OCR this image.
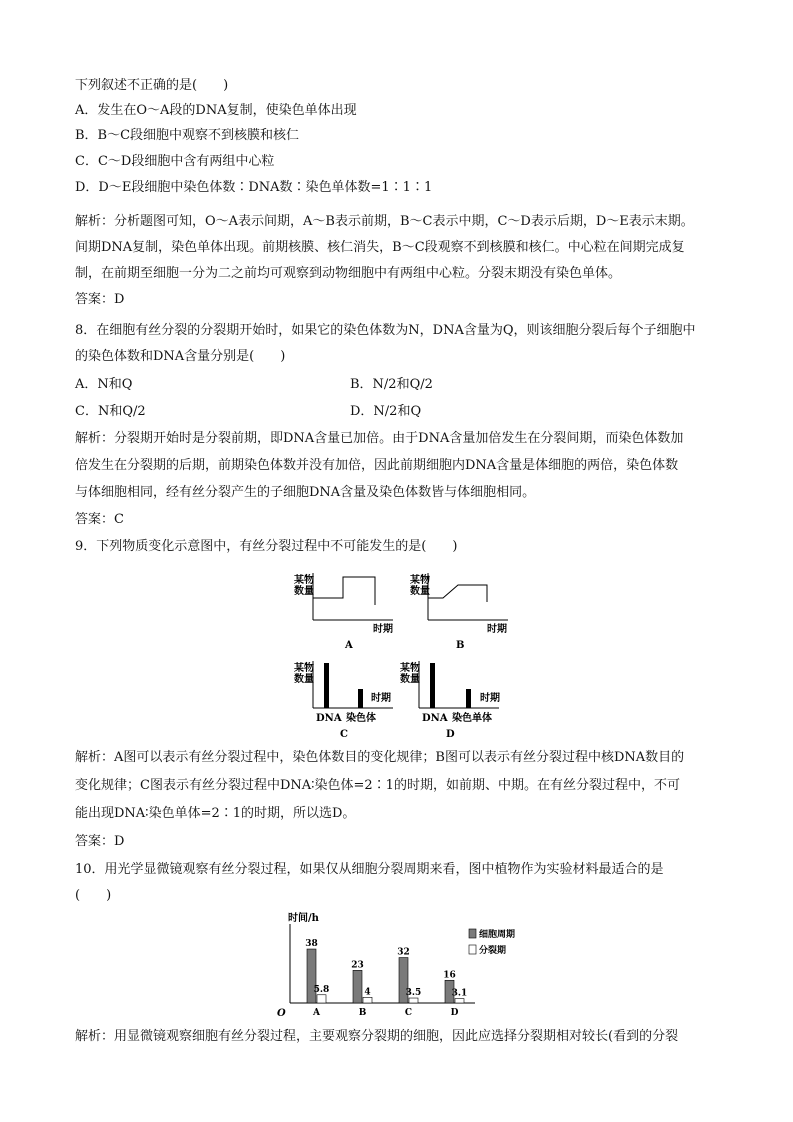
下列叙述不正确的是(　　)
A．发生在O～A段的DNA复制，使染色单体出现
B．B～C段细胞中观察不到核膜和核仁
C．C～D段细胞中含有两组中心粒
D．D～E段细胞中染色体数∶DNA数∶染色单体数=1∶1∶1
解析：分析题图可知，O～A表示间期，A～B表示前期，B～C表示中期，C～D表示后期，D～E表示末期。
间期DNA复制，染色单体出现。前期核膜、核仁消失，B～C段观察不到核膜和核仁。中心粒在间期完成复
制，在前期至细胞一分为二之前均可观察到动物细胞中有两组中心粒。分裂末期没有染色单体。
答案：D
8．在细胞有丝分裂的分裂期开始时，如果它的染色体数为N，DNA含量为Q，则该细胞分裂后每个子细胞中
的染色体数和DNA含量分别是(　　)
A．N和Q	B．N/2和Q/2
C．N和Q/2	D．N/2和Q
解析：分裂期开始时是分裂前期，即DNA含量已加倍。由于DNA含量加倍发生在分裂间期，而染色体数加
倍发生在分裂期的后期，前期染色体数并没有加倍，因此前期细胞内DNA含量是体细胞的两倍，染色体数
与体细胞相同，经有丝分裂产生的子细胞DNA含量及染色体数皆与体细胞相同。
答案：C
9．下列物质变化示意图中，有丝分裂过程中不可能发生的是(　　)
某物数量
时期
A
某物数量
时期
B
某物数量
时期
DNA 染色体
C
某物数量
时期
DNA 染色单体
D
解析：A图可以表示有丝分裂过程中，染色体数目的变化规律；B图可以表示有丝分裂过程中核DNA数目的
变化规律；C图表示有丝分裂过程中DNA∶染色体=2∶1的时期，如前期、中期。在有丝分裂过程中，不可
能出现DNA∶染色单体=2∶1的时期，所以选D。
答案：D
10．用光学显微镜观察有丝分裂过程，如果仅从细胞分裂周期来看，图中植物作为实验材料最适合的是
(　　)
时间/h
O
38
5.8
A
23
4
B
32
3.5
C
16
3.1
D
细胞周期
分裂期
解析：用显微镜观察细胞有丝分裂过程，主要观察分裂期的细胞，因此应选择分裂期相对较长(看到的分裂
